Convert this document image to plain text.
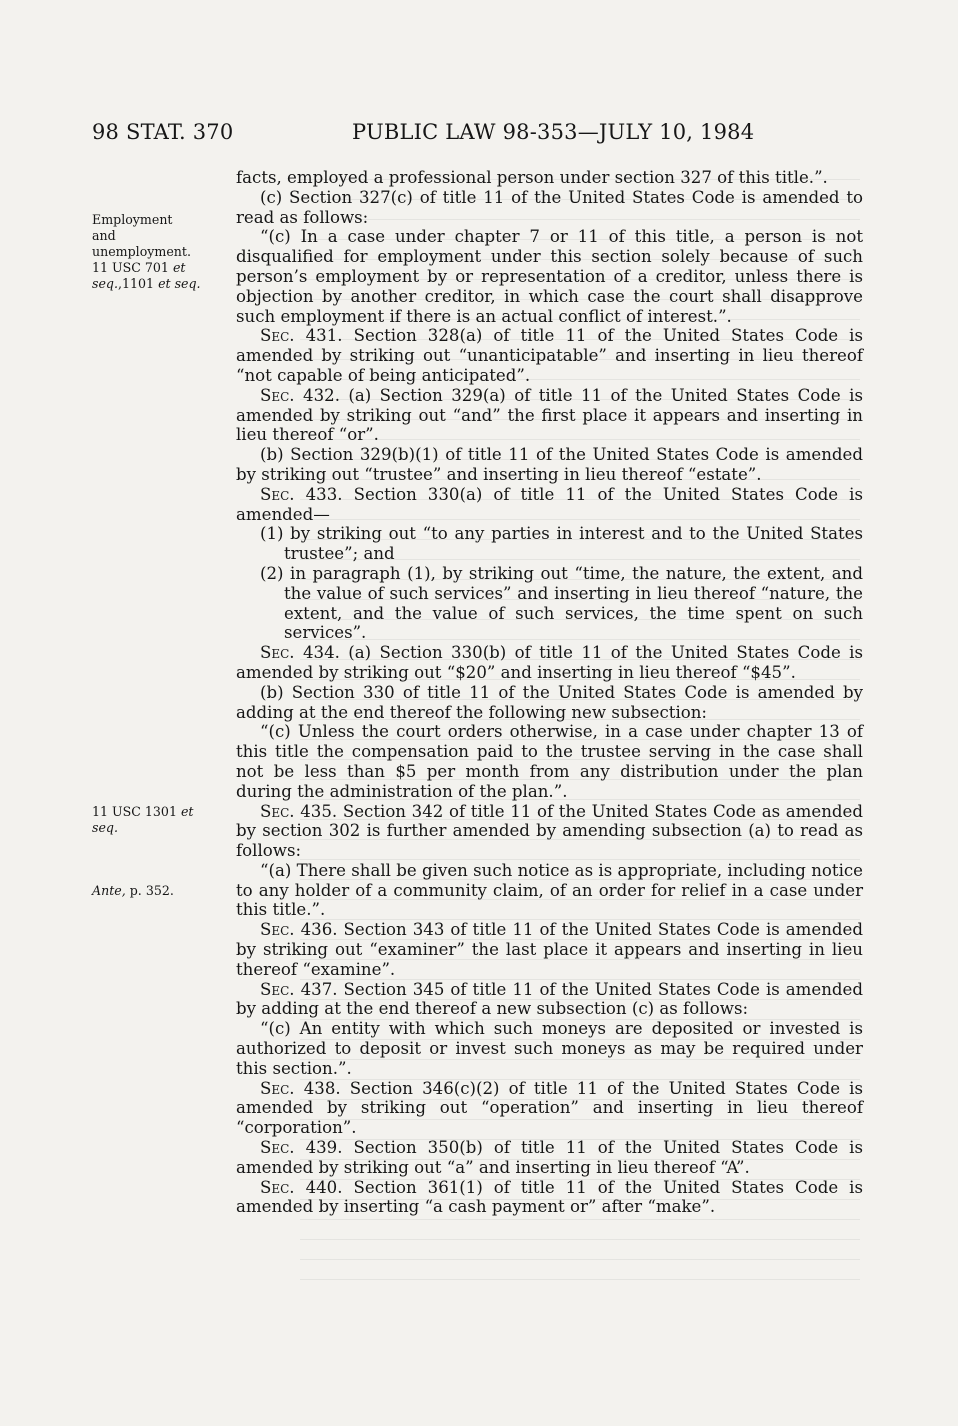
98 STAT. 370	PUBLIC LAW 98-353—JULY 10, 1984
Employment
and
unemployment.
11 USC 701 et
seq.,1101 et seq.
11 USC 1301 et
seq.
Ante, p. 352.

facts, employed a professional person under section 327 of this title.”.

(c) Section 327(c) of title 11 of the United States Code is amended to read as follows:

“(c) In a case under chapter 7 or 11 of this title, a person is not disqualified for employment under this section solely because of such person’s employment by or representation of a creditor, unless there is objection by another creditor, in which case the court shall disapprove such employment if there is an actual conflict of interest.”.

Sec. 431. Section 328(a) of title 11 of the United States Code is amended by striking out “unanticipatable” and inserting in lieu thereof “not capable of being anticipated”.

Sec. 432. (a) Section 329(a) of title 11 of the United States Code is amended by striking out “and” the first place it appears and inserting in lieu thereof “or”.

(b) Section 329(b)(1) of title 11 of the United States Code is amended by striking out “trustee” and inserting in lieu thereof “estate”.

Sec. 433. Section 330(a) of title 11 of the United States Code is amended—

(1) by striking out “to any parties in interest and to the United States trustee”; and

(2) in paragraph (1), by striking out “time, the nature, the extent, and the value of such services” and inserting in lieu thereof “nature, the extent, and the value of such services, the time spent on such services”.

Sec. 434. (a) Section 330(b) of title 11 of the United States Code is amended by striking out “$20” and inserting in lieu thereof “$45”.

(b) Section 330 of title 11 of the United States Code is amended by adding at the end thereof the following new subsection:

“(c) Unless the court orders otherwise, in a case under chapter 13 of this title the compensation paid to the trustee serving in the case shall not be less than $5 per month from any distribution under the plan during the administration of the plan.”.

Sec. 435. Section 342 of title 11 of the United States Code as amended by section 302 is further amended by amending subsection (a) to read as follows:

“(a) There shall be given such notice as is appropriate, including notice to any holder of a community claim, of an order for relief in a case under this title.”.

Sec. 436. Section 343 of title 11 of the United States Code is amended by striking out “examiner” the last place it appears and inserting in lieu thereof “examine”.

Sec. 437. Section 345 of title 11 of the United States Code is amended by adding at the end thereof a new subsection (c) as follows:

“(c) An entity with which such moneys are deposited or invested is authorized to deposit or invest such moneys as may be required under this section.”.

Sec. 438. Section 346(c)(2) of title 11 of the United States Code is amended by striking out “operation” and inserting in lieu thereof “corporation”.

Sec. 439. Section 350(b) of title 11 of the United States Code is amended by striking out “a” and inserting in lieu thereof “A”.

Sec. 440. Section 361(1) of title 11 of the United States Code is amended by inserting “a cash payment or” after “make”.
